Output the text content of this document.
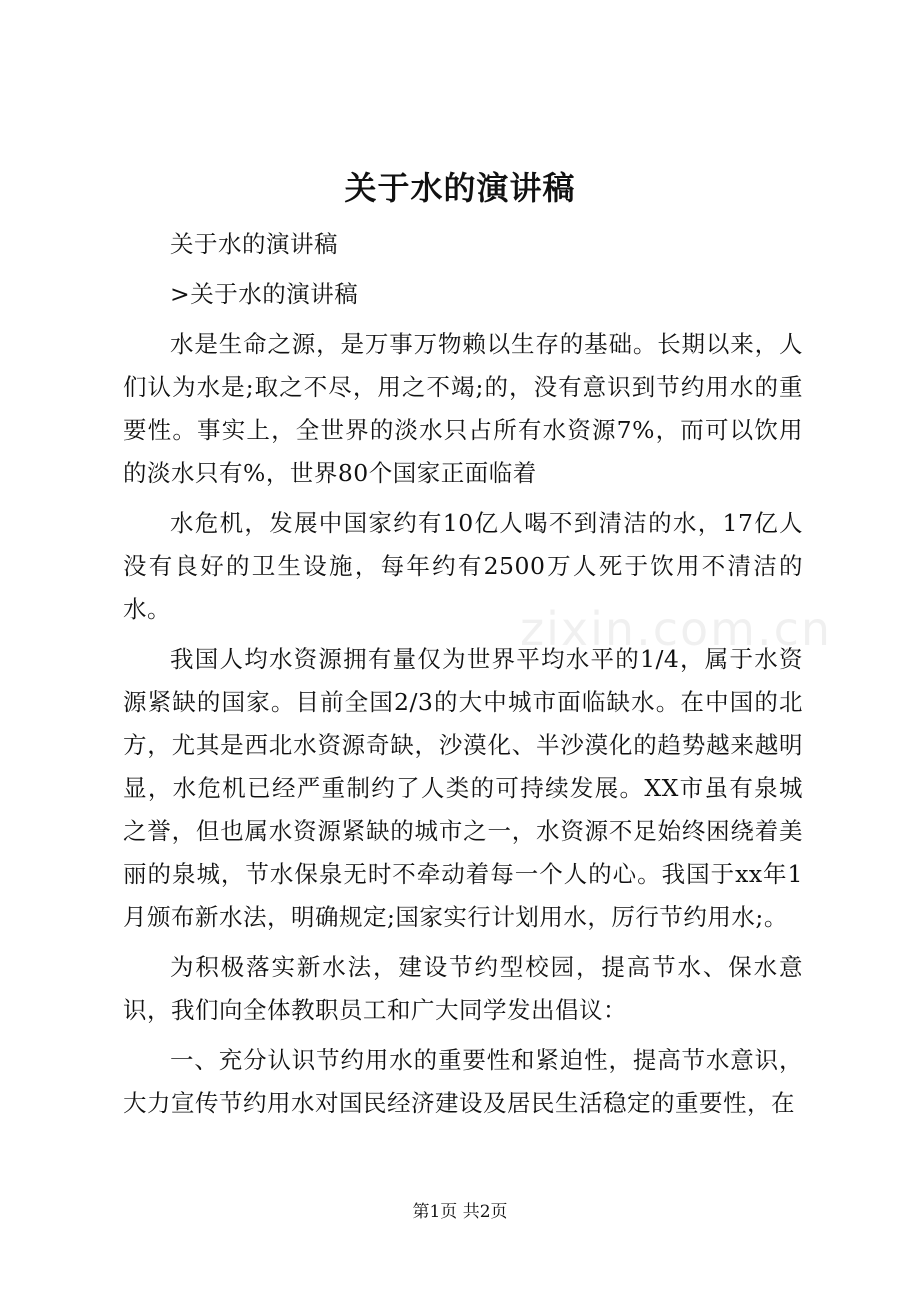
zixin.com.cn
关于水的演讲稿

关于水的演讲稿

>关于水的演讲稿

水是生命之源，是万事万物赖以生存的基础。长期以来，人们认为水是;取之不尽，用之不竭;的，没有意识到节约用水的重要性。事实上，全世界的淡水只占所有水资源7%，而可以饮用的淡水只有%，世界80个国家正面临着

水危机，发展中国家约有10亿人喝不到清洁的水，17亿人没有良好的卫生设施，每年约有2500万人死于饮用不清洁的水。

我国人均水资源拥有量仅为世界平均水平的1/4，属于水资源紧缺的国家。目前全国2/3的大中城市面临缺水。在中国的北方，尤其是西北水资源奇缺，沙漠化、半沙漠化的趋势越来越明显，水危机已经严重制约了人类的可持续发展。XX市虽有泉城之誉，但也属水资源紧缺的城市之一，水资源不足始终困绕着美丽的泉城，节水保泉无时不牵动着每一个人的心。我国于xx年1月颁布新水法，明确规定;国家实行计划用水，厉行节约用水;。

为积极落实新水法，建设节约型校园，提高节水、保水意识，我们向全体教职员工和广大同学发出倡议：

一、充分认识节约用水的重要性和紧迫性，提高节水意识，大力宣传节约用水对国民经济建设及居民生活稳定的重要性，在

第1页 共2页
